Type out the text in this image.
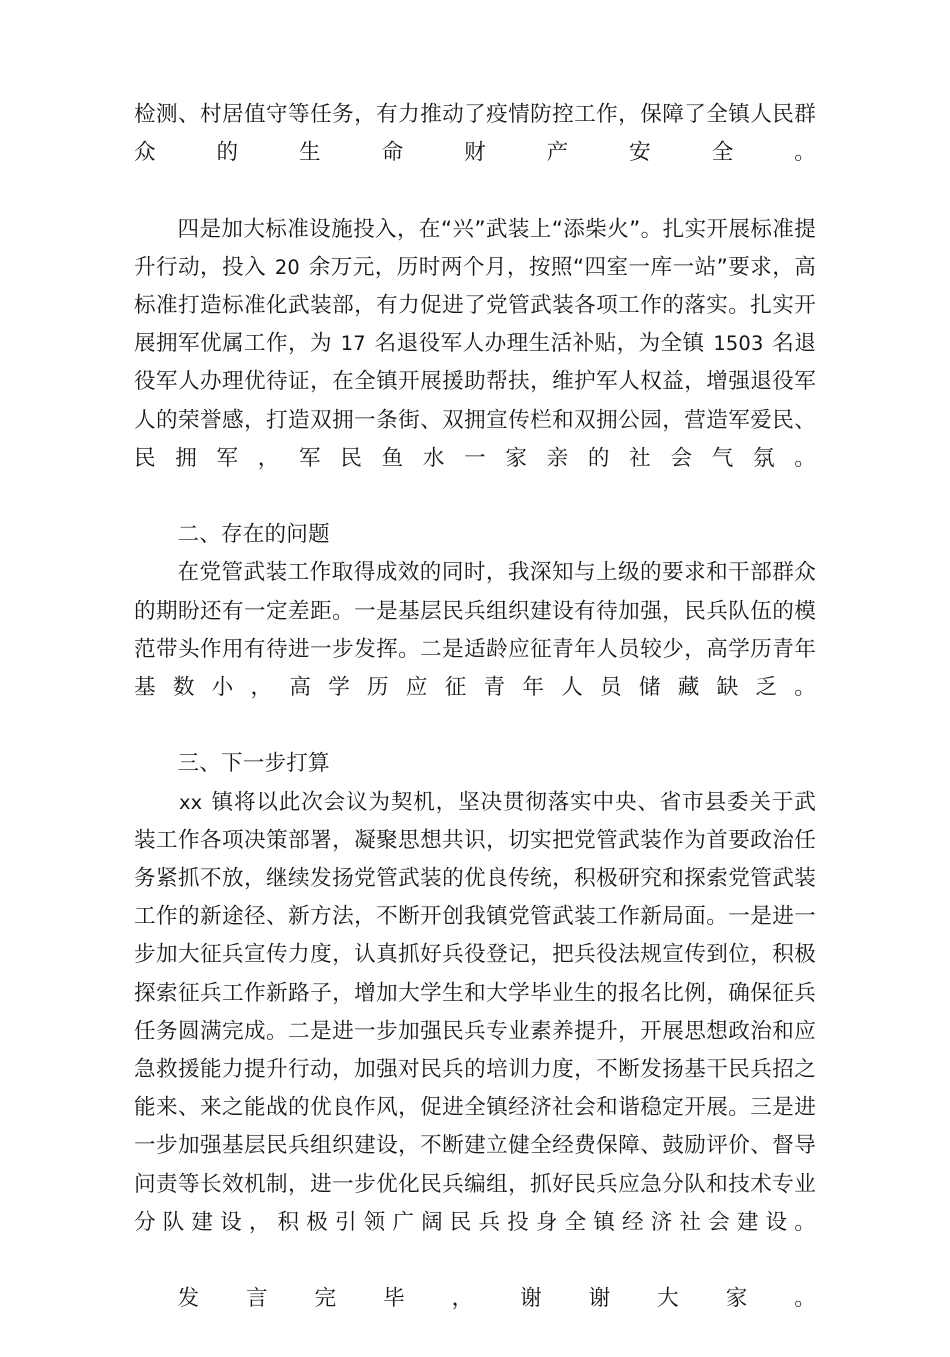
检测、村居值守等任务，有力推动了疫情防控工作，保障了全镇人民群众的生命财产安全。

四是加大标准设施投入，在“兴”武装上“添柴火”。扎实开展标准提升行动，投入 20 余万元，历时两个月，按照“四室一库一站”要求，高标准打造标准化武装部，有力促进了党管武装各项工作的落实。扎实开展拥军优属工作，为 17 名退役军人办理生活补贴，为全镇 1503 名退役军人办理优待证，在全镇开展援助帮扶，维护军人权益，增强退役军人的荣誉感，打造双拥一条街、双拥宣传栏和双拥公园，营造军爱民、民拥军，军民鱼水一家亲的社会气氛。

二、存在的问题

在党管武装工作取得成效的同时，我深知与上级的要求和干部群众的期盼还有一定差距。一是基层民兵组织建设有待加强，民兵队伍的模范带头作用有待进一步发挥。二是适龄应征青年人员较少，高学历青年基数小，高学历应征青年人员储藏缺乏。

三、下一步打算

xx 镇将以此次会议为契机，坚决贯彻落实中央、省市县委关于武装工作各项决策部署，凝聚思想共识，切实把党管武装作为首要政治任务紧抓不放，继续发扬党管武装的优良传统，积极研究和探索党管武装工作的新途径、新方法，不断开创我镇党管武装工作新局面。一是进一步加大征兵宣传力度，认真抓好兵役登记，把兵役法规宣传到位，积极探索征兵工作新路子，增加大学生和大学毕业生的报名比例，确保征兵任务圆满完成。二是进一步加强民兵专业素养提升，开展思想政治和应急救援能力提升行动，加强对民兵的培训力度，不断发扬基干民兵招之能来、来之能战的优良作风，促进全镇经济社会和谐稳定开展。三是进一步加强基层民兵组织建设，不断建立健全经费保障、鼓励评价、督导问责等长效机制，进一步优化民兵编组，抓好民兵应急分队和技术专业分队建设，积极引领广阔民兵投身全镇经济社会建设。

发言完毕，谢谢大家。
